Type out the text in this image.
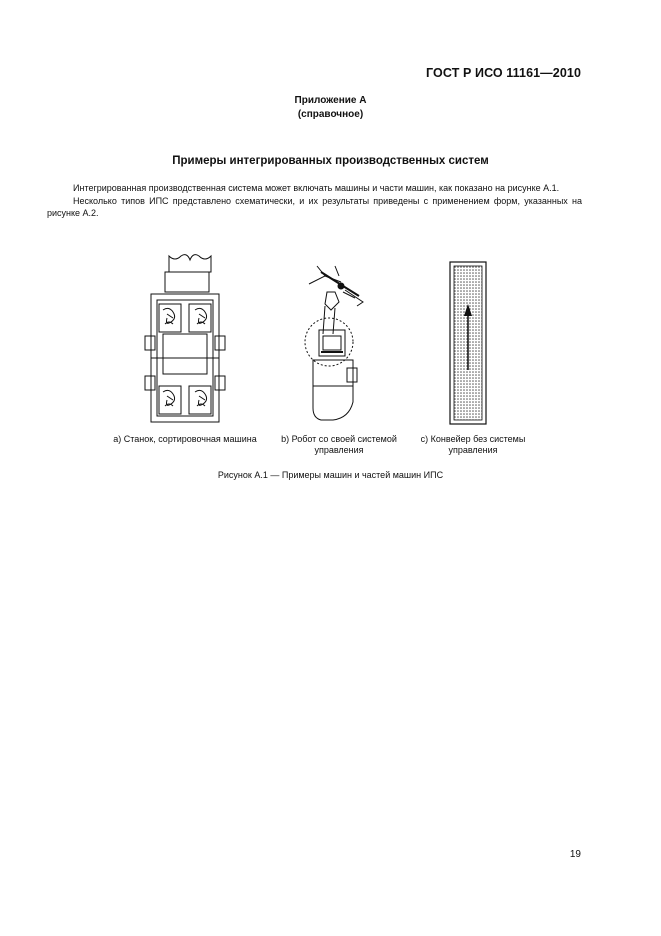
ГОСТ Р ИСО 11161—2010
Приложение А
(справочное)
Примеры интегрированных производственных систем

Интегрированная производственная система может включать машины и части машин, как показано на рисунке А.1.

Несколько типов ИПС представлено схематически, и их результаты приведены с применением форм, указанных на рисунке А.2.

а) Станок, сортировочная машина	b) Робот со своей системой управления
с) Конвейер без системы управления
Рисунок А.1 — Примеры машин и частей машин ИПС
19
